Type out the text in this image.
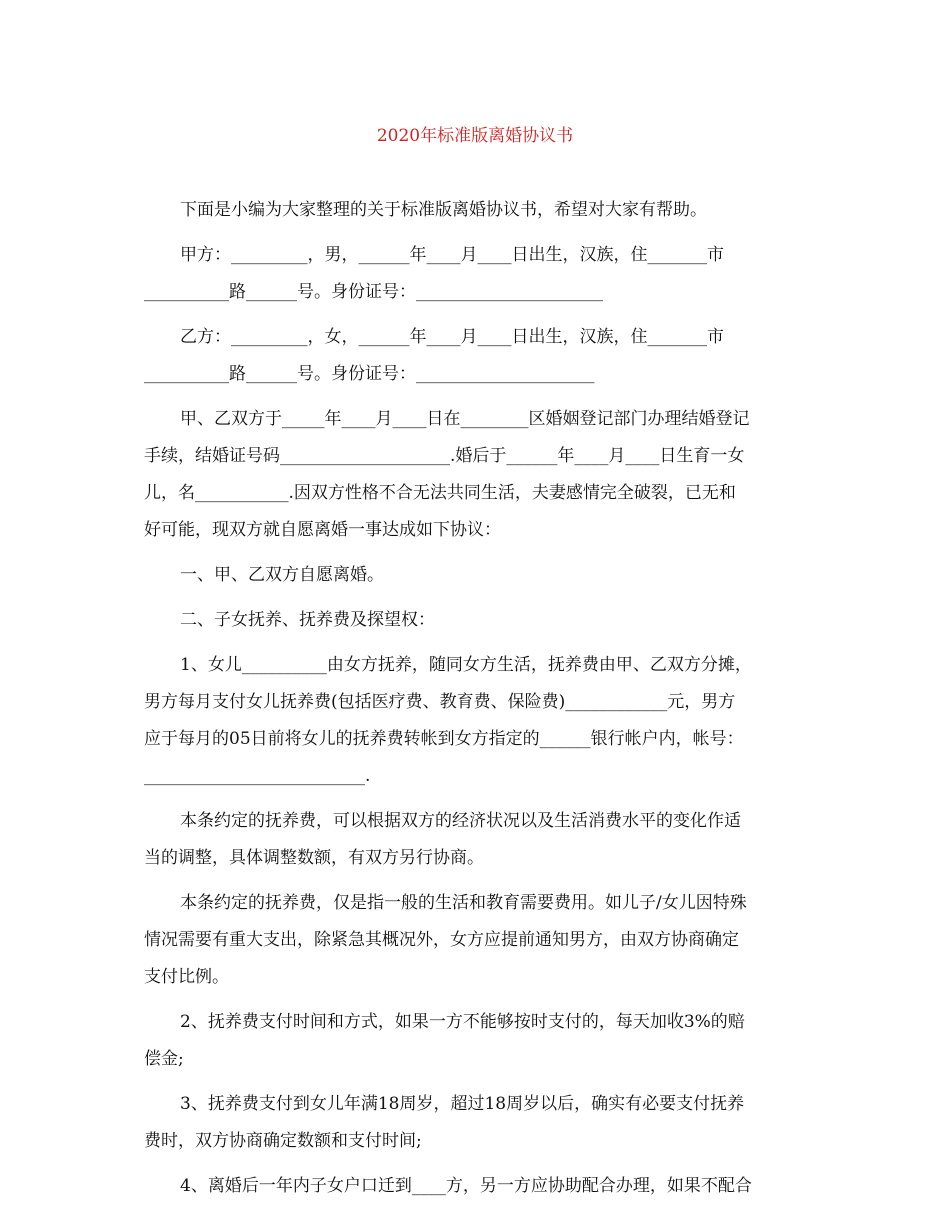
2020年标准版离婚协议书
下面是小编为大家整理的关于标准版离婚协议书，希望对大家有帮助。
甲方：_________，男，______年____月____日出生，汉族，住_______市
__________路______号。身份证号：______________________
乙方：_________，女，______年____月____日出生，汉族，住_______市
__________路______号。身份证号：_____________________
甲、乙双方于_____年____月____日在________区婚姻登记部门办理结婚登记
手续，结婚证号码____________________.婚后于______年____月____日生育一女
儿，名___________.因双方性格不合无法共同生活，夫妻感情完全破裂，已无和
好可能，现双方就自愿离婚一事达成如下协议：
一、甲、乙双方自愿离婚。
二、子女抚养、抚养费及探望权：
1、女儿__________由女方抚养，随同女方生活，抚养费由甲、乙双方分摊，
男方每月支付女儿抚养费(包括医疗费、教育费、保险费)____________元，男方
应于每月的05日前将女儿的抚养费转帐到女方指定的______银行帐户内，帐号：
__________________________.
本条约定的抚养费，可以根据双方的经济状况以及生活消费水平的变化作适
当的调整，具体调整数额，有双方另行协商。
本条约定的抚养费，仅是指一般的生活和教育需要费用。如儿子/女儿因特殊
情况需要有重大支出，除紧急其概况外，女方应提前通知男方，由双方协商确定
支付比例。
2、抚养费支付时间和方式，如果一方不能够按时支付的，每天加收3%的赔
偿金;
3、抚养费支付到女儿年满18周岁，超过18周岁以后，确实有必要支付抚养
费时，双方协商确定数额和支付时间;
4、离婚后一年内子女户口迁到____方，另一方应协助配合办理，如果不配合
